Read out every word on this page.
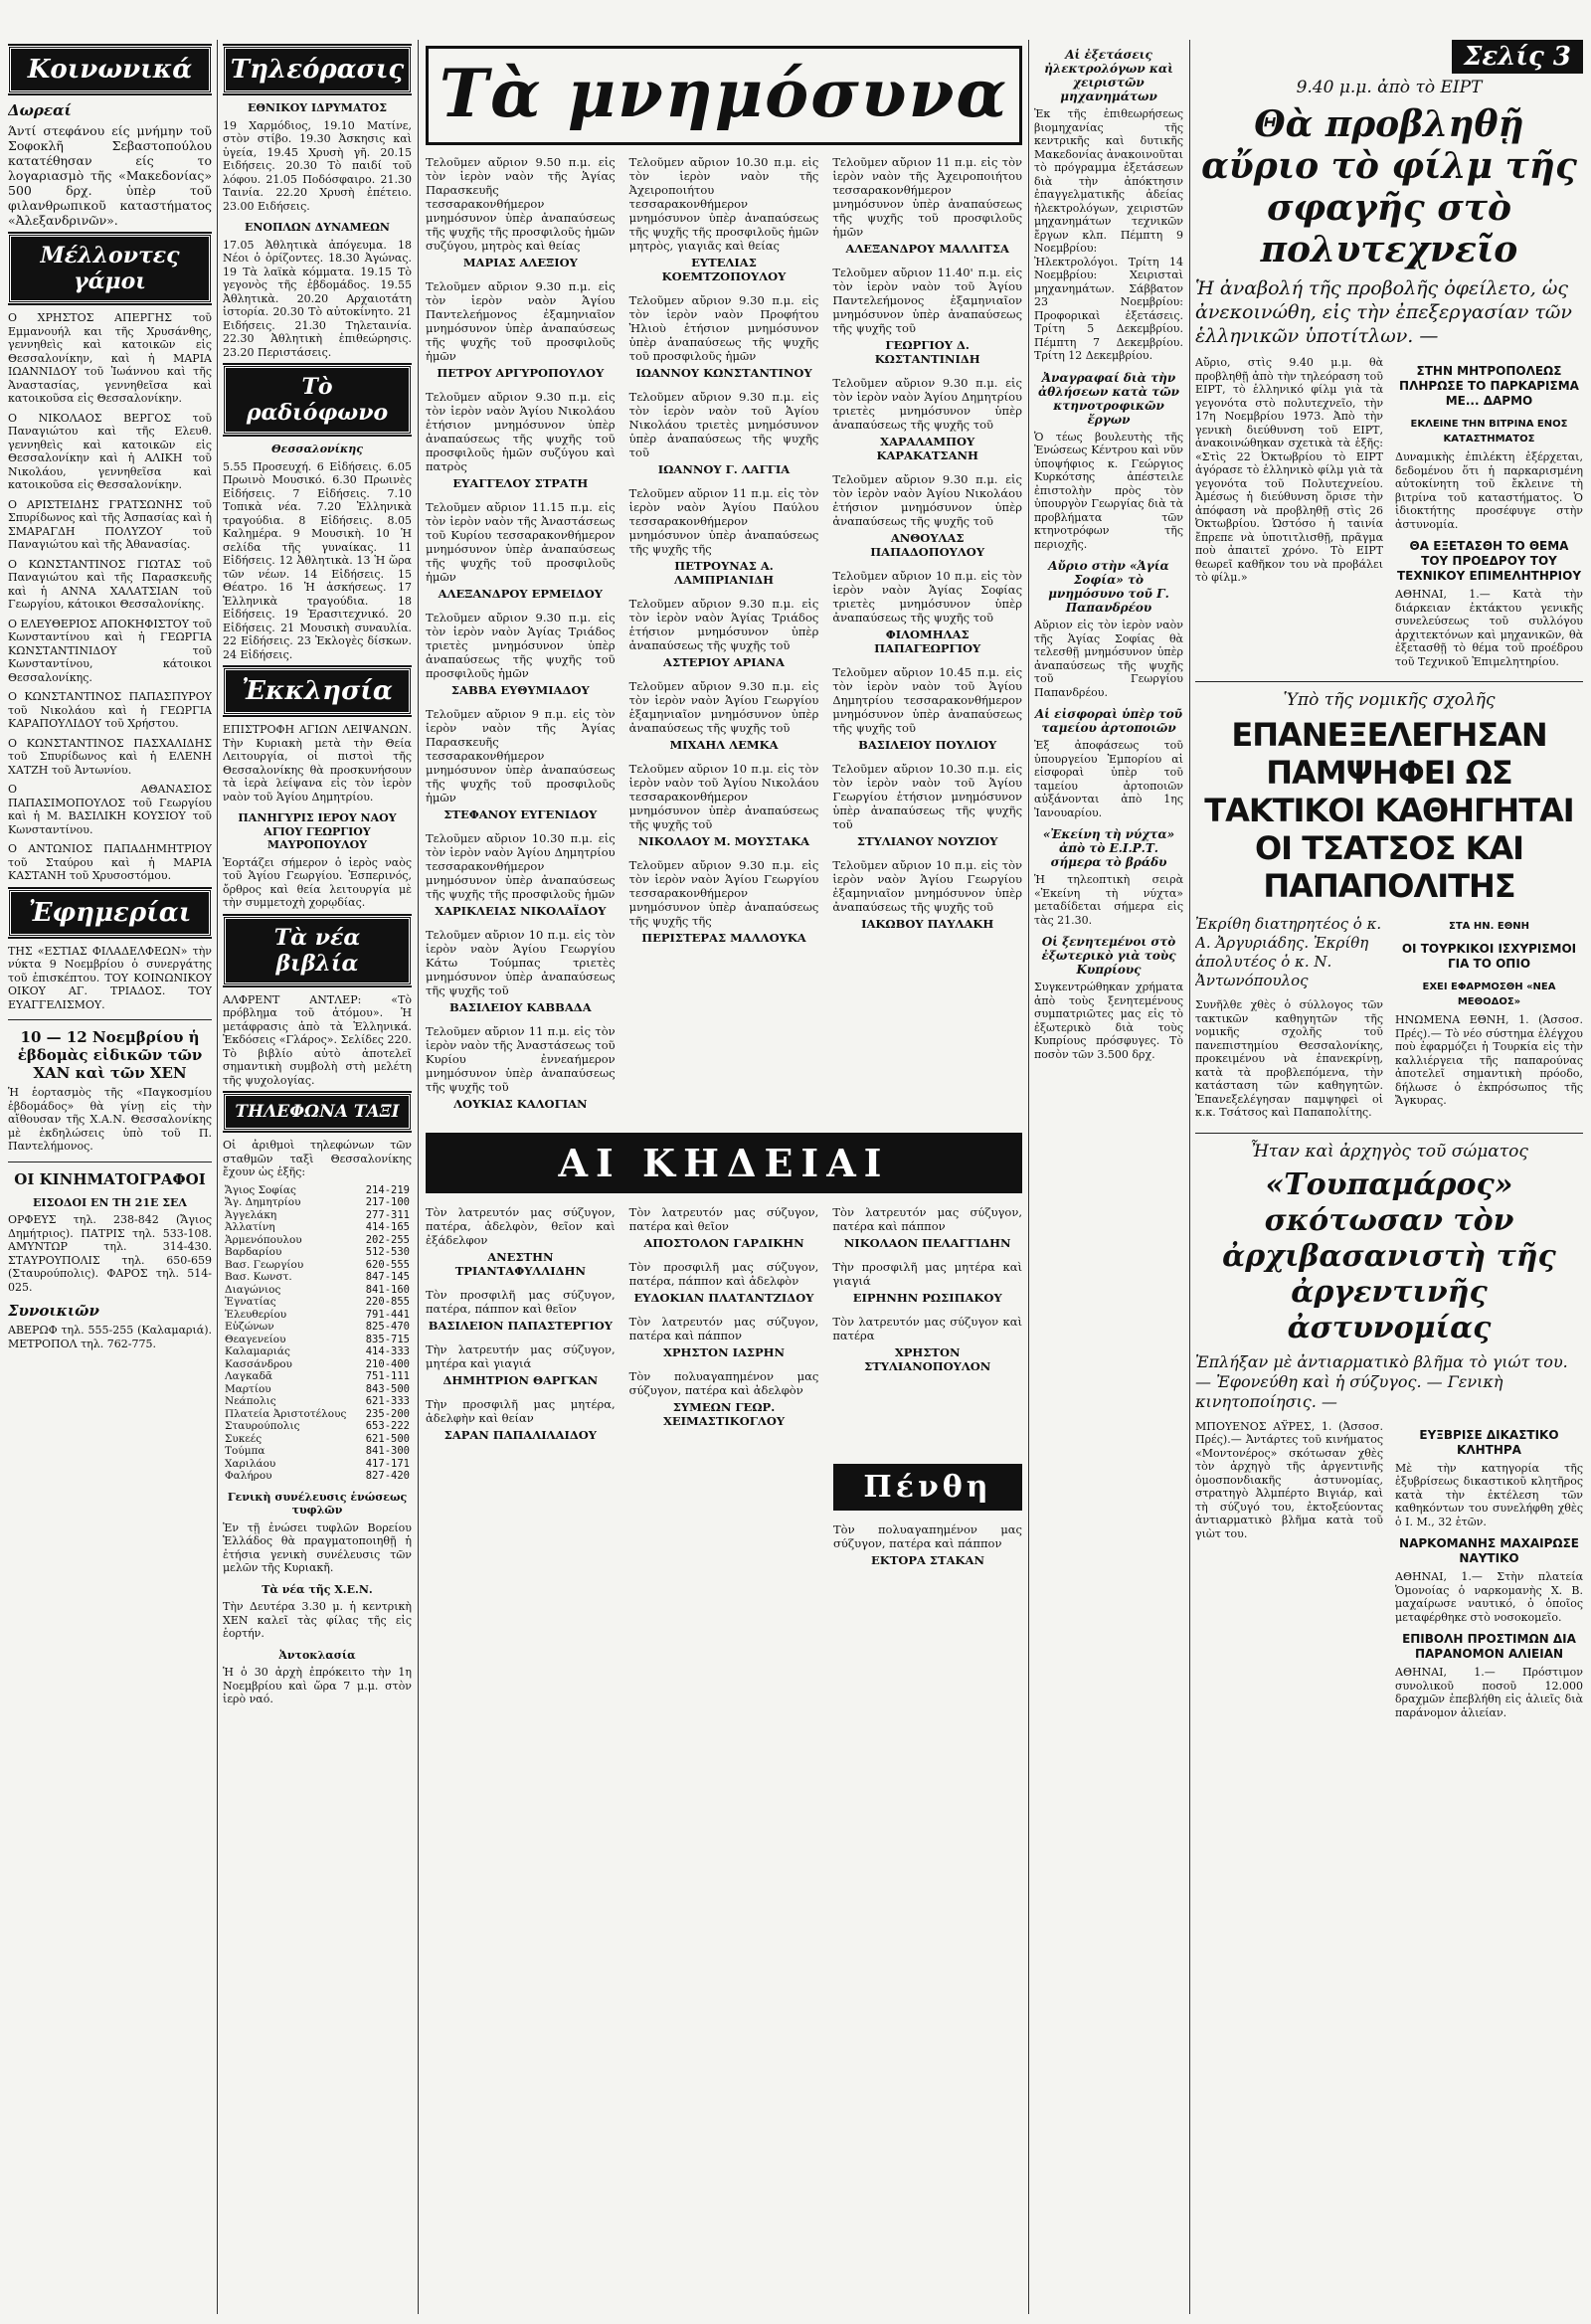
Κοινωνικά
Δωρεαί

Άντί στεφάνου είς μνήμην τοῦ Σοφοκλῆ Σεβαστοπούλου κατατέθησαν είς το λογαριασμὸ τῆς «Μακεδονίας» 500 δρχ. ὑπὲρ τοῦ φιλανθρωπικοῦ καταστήματος «Ἀλεξανδρινῶν».

Μέλλοντες γάμοι

Ο ΧΡΗΣΤΟΣ ΑΠΕΡΓΗΣ τοῦ Εμμανουήλ και τῆς Χρυσάνθης, γεννηθεὶς καὶ κατοικῶν εἰς Θεσσαλονίκην, καὶ ἡ ΜΑΡΙΑ ΙΩΑΝΝΙΔΟΥ τοῦ Ἰωάννου καὶ τῆς Ἀναστασίας, γεννηθεῖσα καὶ κατοικοῦσα εἰς Θεσσαλονίκην.

Ο ΝΙΚΟΛΑΟΣ ΒΕΡΓΟΣ τοῦ Παναγιώτου καὶ τῆς Ελευθ. γεννηθεὶς καὶ κατοικῶν εἰς Θεσσαλονίκην καὶ ἡ ΑΛΙΚΗ τοῦ Νικολάου, γεννηθεῖσα καὶ κατοικοῦσα εἰς Θεσσαλονίκην.

Ο ΑΡΙΣΤΕΙΔΗΣ ΓΡΑΤΣΩΝΗΣ τοῦ Σπυρίδωνος καὶ τῆς Ἀσπασίας καὶ ἡ ΣΜΑΡΑΓΔΗ ΠΟΛΥΖΟΥ τοῦ Παναγιώτου καὶ τῆς Ἀθανασίας.

Ο ΚΩΝΣΤΑΝΤΙΝΟΣ ΓΙΩΤΑΣ τοῦ Παναγιώτου καὶ τῆς Παρασκευῆς καὶ ἡ ΑΝΝΑ ΧΑΛΑΤΣΙΑΝ τοῦ Γεωργίου, κάτοικοι Θεσσαλονίκης.

Ο ΕΛΕΥΘΕΡΙΟΣ ΑΠΟΚΗΦΙΣΤΟΥ τοῦ Κωνσταντίνου καὶ ἡ ΓΕΩΡΓΙΑ ΚΩΝΣΤΑΝΤΙΝΙΔΟΥ τοῦ Κωνσταντίνου, κάτοικοι Θεσσαλονίκης.

Ο ΚΩΝΣΤΑΝΤΙΝΟΣ ΠΑΠΑΣΠΥΡΟΥ τοῦ Νικολάου καὶ ἡ ΓΕΩΡΓΙΑ ΚΑΡΑΠΟΥΛΙΔΟΥ τοῦ Χρήστου.

Ο ΚΩΝΣΤΑΝΤΙΝΟΣ ΠΑΣΧΑΛΙΔΗΣ τοῦ Σπυρίδωνος καὶ ἡ ΕΛΕΝΗ ΧΑΤΖΗ τοῦ Ἀντωνίου.

Ο ΑΘΑΝΑΣΙΟΣ ΠΑΠΑΣΙΜΟΠΟΥΛΟΣ τοῦ Γεωργίου καὶ ἡ Μ. ΒΑΣΙΛΙΚΗ ΚΟΥΣΙΟΥ τοῦ Κωνσταντίνου.

Ο ΑΝΤΩΝΙΟΣ ΠΑΠΑΔΗΜΗΤΡΙΟΥ τοῦ Σταύρου καὶ ἡ ΜΑΡΙΑ ΚΑΣΤΑΝΗ τοῦ Χρυσοστόμου.

Ἐφημερίαι

ΤΗΣ «ΕΣΤΙΑΣ ΦΙΛΑΔΕΛΦΕΩΝ» τὴν νύκτα 9 Νοεμβρίου ὁ συνεργάτης τοῦ ἐπισκέπτου. ΤΟΥ ΚΟΙΝΩΝΙΚΟΥ ΟΙΚΟΥ ΑΓ. ΤΡΙΑΔΟΣ. ΤΟΥ ΕΥΑΓΓΕΛΙΣΜΟΥ.

10 — 12 Νοεμβρίου ἡ ἑβδομὰς εἰδικῶν τῶν ΧΑΝ καὶ τῶν ΧΕΝ

Ἡ ἑορτασμὸς τῆς «Παγκοσμίου ἑβδομάδος» θὰ γίνῃ εἰς τὴν αἴθουσαν τῆς Χ.Α.Ν. Θεσσαλονίκης μὲ ἐκδηλώσεις ὑπὸ τοῦ Π. Παντελήμονος.

ΟΙ ΚΙΝΗΜΑΤΟΓΡΑΦΟΙ
ΕΙΣΟΔΟΙ ΕΝ ΤΗ 21Ε ΣΕΛ

ΟΡΦΕΥΣ τηλ. 238-842 (Ἄγιος Δημήτριος). ΠΑΤΡΙΣ τηλ. 533-108. ΑΜΥΝΤΩΡ τηλ. 314-430. ΣΤΑΥΡΟΥΠΟΛΙΣ τηλ. 650-659 (Σταυρούπολις). ΦΑΡΟΣ τηλ. 514-025.

Συνοικιῶν

ΑΒΕΡΩΦ τηλ. 555-255 (Καλαμαριά). ΜΕΤΡΟΠΟΛ τηλ. 762-775.

Τηλεόρασις
ΕΘΝΙΚΟΥ ΙΔΡΥΜΑΤΟΣ

19 Χαρμόδιος, 19.10 Ματίνε, στὸν στίβο. 19.30 Ἀσκησις καὶ ὑγεία, 19.45 Χρυσὴ γῆ. 20.15 Ειδήσεις. 20.30 Τὸ παιδί τοῦ λόφου. 21.05 Ποδόσφαιρο. 21.30 Ταινία. 22.20 Χρυσὴ ἐπέτειο. 23.00 Ειδήσεις.

ΕΝΟΠΛΩΝ ΔΥΝΑΜΕΩΝ

17.05 Ἀθλητικὰ ἀπόγευμα. 18 Νέοι ὁ ὁρίζοντες. 18.30 Ἀγώνας. 19 Τὰ λαϊκὰ κόμματα. 19.15 Τὸ γεγονὸς τῆς ἑβδομάδος. 19.55 Ἀθλητικὰ. 20.20 Αρχαιοτάτη ἱστορία. 20.30 Τὸ αὐτοκίνητο. 21 Ειδήσεις. 21.30 Τηλεταινία. 22.30 Ἀθλητικὴ ἐπιθεώρησις. 23.20 Περιστάσεις.

Τὸ ραδιόφωνο
Θεσσαλονίκης

5.55 Προσευχή. 6 Εἰδήσεις. 6.05 Πρωινὸ Μουσικό. 6.30 Πρωινὲς Εἰδήσεις. 7 Εἰδήσεις. 7.10 Τοπικὰ νέα. 7.20 Ἑλληνικὰ τραγούδια. 8 Εἰδήσεις. 8.05 Καλημέρα. 9 Μουσικὴ. 10 Ἡ σελίδα τῆς γυναίκας. 11 Εἰδήσεις. 12 Ἀθλητικὰ. 13 Ἡ ὥρα τῶν νέων. 14 Εἰδήσεις. 15 Θέατρο. 16 Ἡ ἀσκήσεως. 17 Ἑλληνικὰ τραγούδια. 18 Εἰδήσεις. 19 Ἐρασιτεχνικό. 20 Εἰδήσεις. 21 Μουσικὴ συναυλία. 22 Εἰδήσεις. 23 Ἐκλογὲς δίσκων. 24 Εἰδήσεις.

Ἐκκλησία

ΕΠΙΣΤΡΟΦΗ ΑΓΙΩΝ ΛΕΙΨΑΝΩΝ. Τὴν Κυριακὴ μετὰ τὴν Θεία Λειτουργία, οἱ πιστοὶ τῆς Θεσσαλονίκης θὰ προσκυνήσουν τὰ ἱερὰ λείψανα εἰς τὸν ἱερὸν ναὸν τοῦ Ἁγίου Δημητρίου.

ΠΑΝΗΓΥΡΙΣ ΙΕΡΟΥ ΝΑΟΥ ΑΓΙΟΥ ΓΕΩΡΓΙΟΥ ΜΑΥΡΟΠΟΥΛΟΥ

Ἑορτάζει σήμερον ὁ ἱερὸς ναὸς τοῦ Ἁγίου Γεωργίου. Ἐσπερινός, ὄρθρος καὶ θεία λειτουργία μὲ τὴν συμμετοχὴ χορῳδίας.

Τὰ νέα βιβλία

ΑΛΦΡΕΝΤ ΑΝΤΛΕΡ: «Τὸ πρόβλημα τοῦ ἀτόμου». Ἡ μετάφρασις ἀπὸ τὰ Ἑλληνικά. Ἐκδόσεις «Γλάρος». Σελίδες 220. Τὸ βιβλίο αὐτὸ ἀποτελεῖ σημαντικὴ συμβολὴ στὴ μελέτη τῆς ψυχολογίας.

ΤΗΛΕΦΩΝΑ ΤΑΞΙ

Οἱ ἀριθμοὶ τηλεφώνων τῶν σταθμῶν ταξὶ Θεσσαλονίκης ἔχουν ὡς ἑξῆς:

Ἄγιος Σοφίας	214-219
Ἄγ. Δημητρίου	217-100
Ἀγγελάκη	277-311
Ἀλλατίνη	414-165
Ἁρμενόπουλου	202-255
Βαρδαρίου	512-530
Βασ. Γεωργίου	620-555
Βασ. Κωνστ.	847-145
Διαγώνιος	841-160
Ἐγνατίας	220-855
Ἐλευθερίου	791-441
Εὐζώνων	825-470
Θεαγενείου	835-715
Καλαμαριάς	414-333
Κασσάνδρου	210-400
Λαγκαδᾶ	751-111
Μαρτίου	843-500
Νεάπολις	621-333
Πλατεία Ἀριστοτέλους	235-200
Σταυρούπολις	653-222
Συκεές	621-500
Τούμπα	841-300
Χαριλάου	417-171
Φαλήρου	827-420
Γενικὴ συνέλευσις ἑνώσεως τυφλῶν

Ἐν τῇ ἐνώσει τυφλῶν Βορείου Ἑλλάδος θὰ πραγματοποιηθῇ ἡ ἐτήσια γενικὴ συνέλευσις τῶν μελῶν τῆς Κυριακῆ.

Τὰ νέα τῆς Χ.Ε.Ν.

Τὴν Δευτέρα 3.30 μ. ἡ κεντρικὴ ΧΕΝ καλεῖ τὰς φίλας τῆς εἰς ἑορτήν.

Ἀντοκλασία

Ἡ ὁ 30 ἀρχὴ ἐπρόκειτο τὴν 1η Νοεμβρίου καὶ ὥρα 7 μ.μ. στὸν ἱερὸ ναό.

Τὰ μνημόσυνα

Τελοῦμεν αὔριον 9.50 π.μ. εἰς τὸν ἱερὸν ναὸν τῆς Ἁγίας Παρασκευῆς τεσσαρακονθήμερον μνημόσυνον ὑπὲρ ἀναπαύσεως τῆς ψυχῆς τῆς προσφιλοῦς ἡμῶν συζύγου, μητρὸς καὶ θείας
ΜΑΡΙΑΣ ΑΛΕΞΙΟΥ

Τελοῦμεν αὔριον 9.30 π.μ. εἰς τὸν ἱερὸν ναὸν Ἁγίου Παντελεήμονος ἐξαμηνιαῖον μνημόσυνον ὑπὲρ ἀναπαύσεως τῆς ψυχῆς τοῦ προσφιλοῦς ἡμῶν
ΠΕΤΡΟΥ ΑΡΓΥΡΟΠΟΥΛΟΥ

Τελοῦμεν αὔριον 9.30 π.μ. εἰς τὸν ἱερὸν ναὸν Ἁγίου Νικολάου ἑτήσιον μνημόσυνον ὑπὲρ ἀναπαύσεως τῆς ψυχῆς τοῦ προσφιλοῦς ἡμῶν συζύγου καὶ πατρὸς
ΕΥΑΓΓΕΛΟΥ ΣΤΡΑΤΗ

Τελοῦμεν αὔριον 11.15 π.μ. εἰς τὸν ἱερὸν ναὸν τῆς Ἀναστάσεως τοῦ Κυρίου τεσσαρακονθήμερον μνημόσυνον ὑπὲρ ἀναπαύσεως τῆς ψυχῆς τοῦ προσφιλοῦς ἡμῶν
ΑΛΕΞΑΝΔΡΟΥ ΕΡΜΕΙΔΟΥ

Τελοῦμεν αὔριον 9.30 π.μ. εἰς τὸν ἱερὸν ναὸν Ἁγίας Τριάδος τριετὲς μνημόσυνον ὑπὲρ ἀναπαύσεως τῆς ψυχῆς τοῦ προσφιλοῦς ἡμῶν
ΣΑΒΒΑ ΕΥΘΥΜΙΑΔΟΥ

Τελοῦμεν αὔριον 9 π.μ. εἰς τὸν ἱερὸν ναὸν τῆς Ἁγίας Παρασκευῆς τεσσαρακονθήμερον μνημόσυνον ὑπὲρ ἀναπαύσεως τῆς ψυχῆς τοῦ προσφιλοῦς ἡμῶν
ΣΤΕΦΑΝΟΥ ΕΥΓΕΝΙΔΟΥ

Τελοῦμεν αὔριον 10.30 π.μ. εἰς τὸν ἱερὸν ναὸν Ἁγίου Δημητρίου τεσσαρακονθήμερον μνημόσυνον ὑπὲρ ἀναπαύσεως τῆς ψυχῆς τῆς προσφιλοῦς ἡμῶν
ΧΑΡΙΚΛΕΙΑΣ ΝΙΚΟΛΑΪΔΟΥ

Τελοῦμεν αὔριον 10 π.μ. εἰς τὸν ἱερὸν ναὸν Ἁγίου Γεωργίου Κάτω Τούμπας τριετὲς μνημόσυνον ὑπὲρ ἀναπαύσεως τῆς ψυχῆς τοῦ
ΒΑΣΙΛΕΙΟΥ ΚΑΒΒΑΔΑ

Τελοῦμεν αὔριον 11 π.μ. εἰς τὸν ἱερὸν ναὸν τῆς Ἀναστάσεως τοῦ Κυρίου ἐννεαήμερον μνημόσυνον ὑπὲρ ἀναπαύσεως τῆς ψυχῆς τοῦ
ΛΟΥΚΙΑΣ ΚΑΛΟΓΙΑΝ

Τελοῦμεν αὔριον 10.30 π.μ. εἰς τὸν ἱερὸν ναὸν τῆς Ἀχειροποιήτου τεσσαρακονθήμερον μνημόσυνον ὑπὲρ ἀναπαύσεως τῆς ψυχῆς τῆς προσφιλοῦς ἡμῶν μητρὸς, γιαγιᾶς καὶ θείας
ΕΥΤΕΛΙΑΣ ΚΟΕΜΤΖΟΠΟΥΛΟΥ

Τελοῦμεν αὔριον 9.30 π.μ. εἰς τὸν ἱερὸν ναὸν Προφήτου Ἠλιοὺ ἑτήσιον μνημόσυνον ὑπὲρ ἀναπαύσεως τῆς ψυχῆς τοῦ προσφιλοῦς ἡμῶν
ΙΩΑΝΝΟΥ ΚΩΝΣΤΑΝΤΙΝΟΥ

Τελοῦμεν αὔριον 9.30 π.μ. εἰς τὸν ἱερὸν ναὸν τοῦ Ἁγίου Νικολάου τριετὲς μνημόσυνον ὑπὲρ ἀναπαύσεως τῆς ψυχῆς τοῦ
ΙΩΑΝΝΟΥ Γ. ΛΑΓΓΙΑ

Τελοῦμεν αὔριον 11 π.μ. εἰς τὸν ἱερὸν ναὸν Ἁγίου Παύλου τεσσαρακονθήμερον μνημόσυνον ὑπὲρ ἀναπαύσεως τῆς ψυχῆς τῆς
ΠΕΤΡΟΥΝΑΣ Α. ΛΑΜΠΡΙΑΝΙΔΗ

Τελοῦμεν αὔριον 9.30 π.μ. εἰς τὸν ἱερὸν ναὸν Ἁγίας Τριάδος ἑτήσιον μνημόσυνον ὑπὲρ ἀναπαύσεως τῆς ψυχῆς τοῦ
ΑΣΤΕΡΙΟΥ ΑΡΙΑΝΑ

Τελοῦμεν αὔριον 9.30 π.μ. εἰς τὸν ἱερὸν ναὸν Ἁγίου Γεωργίου ἑξαμηνιαῖον μνημόσυνον ὑπὲρ ἀναπαύσεως τῆς ψυχῆς τοῦ
ΜΙΧΑΗΛ ΛΕΜΚΑ

Τελοῦμεν αὔριον 10 π.μ. εἰς τὸν ἱερὸν ναὸν τοῦ Ἁγίου Νικολάου τεσσαρακονθήμερον μνημόσυνον ὑπὲρ ἀναπαύσεως τῆς ψυχῆς τοῦ
ΝΙΚΟΛΑΟΥ Μ. ΜΟΥΣΤΑΚΑ

Τελοῦμεν αὔριον 9.30 π.μ. εἰς τὸν ἱερὸν ναὸν Ἁγίου Γεωργίου τεσσαρακονθήμερον μνημόσυνον ὑπὲρ ἀναπαύσεως τῆς ψυχῆς τῆς
ΠΕΡΙΣΤΕΡΑΣ ΜΑΛΛΟΥΚΑ

Τελοῦμεν αὔριον 11 π.μ. εἰς τὸν ἱερὸν ναὸν τῆς Ἀχειροποιήτου τεσσαρακονθήμερον μνημόσυνον ὑπὲρ ἀναπαύσεως τῆς ψυχῆς τοῦ προσφιλοῦς ἡμῶν
ΑΛΕΞΑΝΔΡΟΥ ΜΑΛΛΙΤΣΑ

Τελοῦμεν αὔριον 11.40' π.μ. εἰς τὸν ἱερὸν ναὸν τοῦ Ἁγίου Παντελεήμονος ἐξαμηνιαῖον μνημόσυνον ὑπὲρ ἀναπαύσεως τῆς ψυχῆς τοῦ
ΓΕΩΡΓΙΟΥ Δ. ΚΩΣΤΑΝΤΙΝΙΔΗ

Τελοῦμεν αὔριον 9.30 π.μ. εἰς τὸν ἱερὸν ναὸν Ἁγίου Δημητρίου τριετὲς μνημόσυνον ὑπὲρ ἀναπαύσεως τῆς ψυχῆς τοῦ
ΧΑΡΑΛΑΜΠΟΥ ΚΑΡΑΚΑΤΣΑΝΗ

Τελοῦμεν αὔριον 9.30 π.μ. εἰς τὸν ἱερὸν ναὸν Ἁγίου Νικολάου ἑτήσιον μνημόσυνον ὑπὲρ ἀναπαύσεως τῆς ψυχῆς τοῦ
ΑΝΘΟΥΛΑΣ ΠΑΠΑΔΟΠΟΥΛΟΥ

Τελοῦμεν αὔριον 10 π.μ. εἰς τὸν ἱερὸν ναὸν Ἁγίας Σοφίας τριετὲς μνημόσυνον ὑπὲρ ἀναπαύσεως τῆς ψυχῆς τοῦ
ΦΙΛΟΜΗΛΑΣ ΠΑΠΑΓΕΩΡΓΙΟΥ

Τελοῦμεν αὔριον 10.45 π.μ. εἰς τὸν ἱερὸν ναὸν τοῦ Ἁγίου Δημητρίου τεσσαρακονθήμερον μνημόσυνον ὑπὲρ ἀναπαύσεως τῆς ψυχῆς τοῦ
ΒΑΣΙΛΕΙΟΥ ΠΟΥΛΙΟΥ

Τελοῦμεν αὔριον 10.30 π.μ. εἰς τὸν ἱερὸν ναὸν τοῦ Ἁγίου Γεωργίου ἑτήσιον μνημόσυνον ὑπὲρ ἀναπαύσεως τῆς ψυχῆς τοῦ
ΣΤΥΛΙΑΝΟΥ ΝΟΥΖΙΟΥ

Τελοῦμεν αὔριον 10 π.μ. εἰς τὸν ἱερὸν ναὸν Ἁγίου Γεωργίου ἐξαμηνιαῖον μνημόσυνον ὑπὲρ ἀναπαύσεως τῆς ψυχῆς τοῦ
ΙΑΚΩΒΟΥ ΠΑΥΛΑΚΗ

ΑΙ ΚΗΔΕΙΑΙ

Τὸν λατρευτόν μας σύζυγον, πατέρα, ἀδελφὸν, θεῖον καὶ ἐξάδελφον
ΑΝΕΣΤΗΝ ΤΡΙΑΝΤΑΦΥΛΛΙΔΗΝ

Τὸν προσφιλῆ μας σύζυγον, πατέρα, πάππον καὶ θεῖον
ΒΑΣΙΛΕΙΟΝ ΠΑΠΑΣΤΕΡΓΙΟΥ

Τὴν λατρευτήν μας σύζυγον, μητέρα καὶ γιαγιά
ΔΗΜΗΤΡΙΟΝ ΘΑΡΓΚΑΝ

Τὴν προσφιλῆ μας μητέρα, ἀδελφὴν καὶ θείαν
ΣΑΡΑΝ ΠΑΠΑΛΙΛΑΙΔΟΥ

Τὸν λατρευτόν μας σύζυγον, πατέρα καὶ θεῖον
ΑΠΟΣΤΟΛΟΝ ΓΑΡΔΙΚΗΝ

Τὸν προσφιλῆ μας σύζυγον, πατέρα, πάππον καὶ ἀδελφὸν
ΕΥΔΟΚΙΑΝ ΠΛΑΤΑΝΤΖΙΔΟΥ

Τὸν λατρευτόν μας σύζυγον, πατέρα καὶ πάππον
ΧΡΗΣΤΟΝ ΙΑΣΡΗΝ

Τὸν πολυαγαπημένον μας σύζυγον, πατέρα καὶ ἀδελφὸν
ΣΥΜΕΩΝ ΓΕΩΡ. ΧΕΙΜΑΣΤΙΚΟΓΛΟΥ

Τὸν λατρευτόν μας σύζυγον, πατέρα καὶ πάππον
ΝΙΚΟΛΑΟΝ ΠΕΛΑΓΓΙΔΗΝ

Τὴν προσφιλῆ μας μητέρα καὶ γιαγιά
ΕΙΡΗΝΗΝ ΡΩΣΙΠΑΚΟΥ

Τὸν λατρευτόν μας σύζυγον καὶ πατέρα
ΧΡΗΣΤΟΝ ΣΤΥΛΙΑΝΟΠΟΥΛΟΝ

Πένθη

Τὸν πολυαγαπημένον μας σύζυγον, πατέρα καὶ πάππον
ΕΚΤΟΡΑ ΣΤΑΚΑΝ

Αἱ ἐξετάσεις ἠλεκτρολόγων καὶ χειριστῶν μηχανημάτων

Ἐκ τῆς ἐπιθεωρήσεως βιομηχανίας τῆς κεντρικῆς καὶ δυτικῆς Μακεδονίας ἀνακοινοῦται τὸ πρόγραμμα ἐξετάσεων διὰ τὴν ἀπόκτησιν ἐπαγγελματικῆς ἀδείας ἠλεκτρολόγων, χειριστῶν μηχανημάτων τεχνικῶν ἔργων κλπ. Πέμπτη 9 Νοεμβρίου: Ἠλεκτρολόγοι. Τρίτη 14 Νοεμβρίου: Χειρισταὶ μηχανημάτων. Σάββατον 23 Νοεμβρίου: Προφορικαὶ ἐξετάσεις. Τρίτη 5 Δεκεμβρίου. Πέμπτη 7 Δεκεμβρίου. Τρίτη 12 Δεκεμβρίου.

Ἀναγραφαί διὰ τὴν ἀθλήσεων κατὰ τῶν κτηνοτροφικῶν ἔργων

Ὁ τέως βουλευτὴς τῆς Ἐνώσεως Κέντρου καὶ νῦν ὑποψήφιος κ. Γεώργιος Κυρκότσης ἀπέστειλε ἐπιστολὴν πρὸς τὸν ὑπουργὸν Γεωργίας διὰ τὰ προβλήματα τῶν κτηνοτρόφων τῆς περιοχῆς.

Αὔριο στὴν «Ἁγία Σοφία» τὸ μνημόσυνο τοῦ Γ. Παπανδρέου

Αὔριον εἰς τὸν ἱερὸν ναὸν τῆς Ἁγίας Σοφίας θὰ τελεσθῇ μνημόσυνον ὑπὲρ ἀναπαύσεως τῆς ψυχῆς τοῦ Γεωργίου Παπανδρέου.

Αἱ εἰσφοραὶ ὑπὲρ τοῦ ταμείου ἀρτοποιῶν

Ἐξ ἀποφάσεως τοῦ ὑπουργείου Ἐμπορίου αἱ εἰσφοραὶ ὑπὲρ τοῦ ταμείου ἀρτοποιῶν αὐξάνονται ἀπὸ 1ης Ἰανουαρίου.

«Ἐκείνη τὴ νύχτα» ἀπὸ τὸ Ε.Ι.Ρ.Τ. σήμερα τὸ βράδυ

Ἡ τηλεοπτικὴ σειρὰ «Ἐκείνη τὴ νύχτα» μεταδίδεται σήμερα εἰς τὰς 21.30.

Οἱ ξενητεμένοι στὸ ἐξωτερικὸ γιὰ τοὺς Κυπρίους

Συγκεντρώθηκαν χρήματα ἀπὸ τοὺς ξενητεμένους συμπατριῶτες μας εἰς τὸ ἐξωτερικὸ διὰ τοὺς Κυπρίους πρόσφυγες. Τὸ ποσὸν τῶν 3.500 δρχ.

Σελίς 3
9.40 μ.μ. ἀπὸ τὸ ΕΙΡΤ
Θὰ προβληθῇ αὔριο τὸ φίλμ τῆς σφαγῆς στὸ πολυτεχνεῖο
Ἡ ἀναβολή τῆς προβολῆς ὀφείλετο, ὡς ἀνεκοινώθη, εἰς τὴν ἐπεξεργασίαν τῶν ἑλληνικῶν ὑποτίτλων. —

Αὔριο, στὶς 9.40 μ.μ. θὰ προβληθῇ ἀπὸ τὴν τηλεόραση τοῦ ΕΙΡΤ, τὸ ἑλληνικό φίλμ γιὰ τὰ γεγονότα στὸ πολυτεχνεῖο, τὴν 17η Νοεμβρίου 1973. Ἀπὸ τὴν γενικὴ διεύθυνση τοῦ ΕΙΡΤ, ἀνακοινώθηκαν σχετικὰ τὰ ἑξῆς: «Στὶς 22 Ὀκτωβρίου τὸ ΕΙΡΤ ἀγόρασε τὸ ἑλληνικὸ φίλμ γιὰ τὰ γεγονότα τοῦ Πολυτεχνείου. Ἀμέσως ἡ διεύθυνση ὅρισε τὴν ἀπόφαση νὰ προβληθῇ στὶς 26 Ὀκτωβρίου. Ὡστόσο ἡ ταινία ἔπρεπε νὰ ὑποτιτλισθῇ, πρᾶγμα ποὺ ἀπαιτεῖ χρόνο. Τὸ ΕΙΡΤ θεωρεῖ καθῆκον του νὰ προβάλει τὸ φίλμ.»

ΣΤΗΝ ΜΗΤΡΟΠΟΛΕΩΣ ΠΛΗΡΩΣΕ ΤΟ ΠΑΡΚΑΡΙΣΜΑ ΜΕ... ΔΑΡΜΟ
ΕΚΛΕΙΝΕ ΤΗΝ ΒΙΤΡΙΝΑ ΕΝΟΣ ΚΑΤΑΣΤΗΜΑΤΟΣ

Δυναμικὴς ἐπιλέκτη ἐξέρχεται, δεδομένου ὅτι ἡ παρκαρισμένη αὐτοκίνητη τοῦ ἔκλεινε τὴ βιτρίνα τοῦ καταστήματος. Ὁ ἰδιοκτήτης προσέφυγε στὴν ἀστυνομία.

ΘΑ ΕΞΕΤΑΣΘΗ ΤΟ ΘΕΜΑ ΤΟΥ ΠΡΟΕΔΡΟΥ ΤΟΥ ΤΕΧΝΙΚΟΥ ΕΠΙΜΕΛΗΤΗΡΙΟΥ

ΑΘΗΝΑΙ, 1.— Κατὰ τὴν διάρκειαν ἐκτάκτου γενικῆς συνελεύσεως τοῦ συλλόγου ἀρχιτεκτόνων καὶ μηχανικῶν, θὰ ἐξετασθῇ τὸ θέμα τοῦ προέδρου τοῦ Τεχνικοῦ Ἐπιμελητηρίου.

Ὑπὸ τῆς νομικῆς σχολῆς
ΕΠΑΝΕΞΕΛΕΓΗΣΑΝ ΠΑΜΨΗΦΕΙ ΩΣ ΤΑΚΤΙΚΟΙ ΚΑΘΗΓΗΤΑΙ ΟΙ ΤΣΑΤΣΟΣ ΚΑΙ ΠΑΠΑΠΟΛΙΤΗΣ
Ἐκρίθη διατηρητέος ὁ κ. Α. Ἀργυριάδης. Ἐκρίθη ἀπολυτέος ὁ κ. Ν. Ἀντωνόπουλος

Συνῆλθε χθὲς ὁ σύλλογος τῶν τακτικῶν καθηγητῶν τῆς νομικῆς σχολῆς τοῦ πανεπιστημίου Θεσσαλονίκης, προκειμένου νὰ ἐπανεκρίνῃ, κατὰ τὰ προβλεπόμενα, τὴν κατάσταση τῶν καθηγητῶν. Ἐπανεξελέγησαν παμψηφεὶ οἱ κ.κ. Τσάτσος καὶ Παπαπολίτης.

ΣΤΑ ΗΝ. ΕΘΝΗ
ΟΙ ΤΟΥΡΚΙΚΟΙ ΙΣΧΥΡΙΣΜΟΙ ΓΙΑ ΤΟ ΟΠΙΟ
ΕΧΕΙ ΕΦΑΡΜΟΣΘΗ «ΝΕΑ ΜΕΘΟΔΟΣ»

ΗΝΩΜΕΝΑ ΕΘΝΗ, 1. (Ἀσσοσ. Πρές).— Τὸ νέο σύστημα ἐλέγχου ποὺ ἐφαρμόζει ἡ Τουρκία εἰς τὴν καλλιέργεια τῆς παπαρούνας ἀποτελεῖ σημαντικὴ πρόοδο, δήλωσε ὁ ἐκπρόσωπος τῆς Ἄγκυρας.

Ἦταν καὶ ἀρχηγὸς τοῦ σώματος
«Τουπαμάρος» σκότωσαν τὸν ἀρχιβασανιστὴ τῆς ἀργεντινῆς ἀστυνομίας
Ἐπλήξαν μὲ ἀντιαρματικὸ βλῆμα τὸ γιώτ του.— Ἐφονεύθη καὶ ἡ σύζυγος. — Γενικὴ κινητοποίησις. —

ΜΠΟΥΕΝΟΣ ΑΫΡΕΣ, 1. (Ἀσσοσ. Πρές).— Ἀντάρτες τοῦ κινήματος «Μοντονέρος» σκότωσαν χθὲς τὸν ἀρχηγὸ τῆς ἀργεντινῆς ὁμοσπονδιακῆς ἀστυνομίας, στρατηγὸ Ἀλμπέρτο Βιγιάρ, καὶ τὴ σύζυγό του, ἐκτοξεύοντας ἀντιαρματικὸ βλῆμα κατὰ τοῦ γιὼτ του.

ΕΥΞΒΡΙΣΕ ΔΙΚΑΣΤΙΚΟ ΚΛΗΤΗΡΑ

Μὲ τὴν κατηγορία τῆς ἐξυβρίσεως δικαστικοῦ κλητῆρος κατὰ τὴν ἐκτέλεση τῶν καθηκόντων του συνελήφθη χθὲς ὁ Ι. Μ., 32 ἐτῶν.

ΝΑΡΚΟΜΑΝΗΣ ΜΑΧΑΙΡΩΣΕ ΝΑΥΤΙΚΟ

ΑΘΗΝΑΙ, 1.— Στὴν πλατεία Ὁμονοίας ὁ ναρκομανὴς Χ. Β. μαχαίρωσε ναυτικό, ὁ ὁποῖος μεταφέρθηκε στὸ νοσοκομεῖο.

ΕΠΙΒΟΛΗ ΠΡΟΣΤΙΜΩΝ ΔΙΑ ΠΑΡΑΝΟΜΟΝ ΑΛΙΕΙΑΝ

ΑΘΗΝΑΙ, 1.— Πρόστιμον συνολικοῦ ποσοῦ 12.000 δραχμῶν ἐπεβλήθη εἰς ἁλιεῖς διὰ παράνομον ἁλιείαν.
